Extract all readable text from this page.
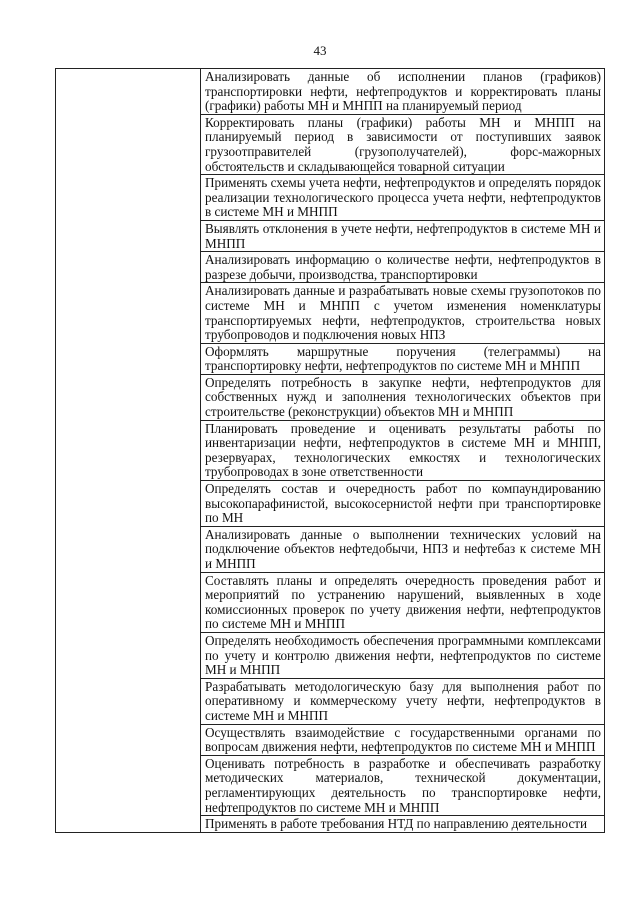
43
	Анализировать данные об исполнении планов (графиков) транспортировки нефти, нефтепродуктов и корректировать планы (графики) работы МН и МНПП на планируемый период
Корректировать планы (графики) работы МН и МНПП на планируемый период в зависимости от поступивших заявок грузоотправителей (грузополучателей), форс-мажорных обстоятельств и складывающейся товарной ситуации
Применять схемы учета нефти, нефтепродуктов и определять порядок реализации технологического процесса учета нефти, нефтепродуктов в системе МН и МНПП
Выявлять отклонения в учете нефти, нефтепродуктов в системе МН и МНПП
Анализировать информацию о количестве нефти, нефтепродуктов в разрезе добычи, производства, транспортировки
Анализировать данные и разрабатывать новые схемы грузопотоков по системе МН и МНПП с учетом изменения номенклатуры транспортируемых нефти, нефтепродуктов, строительства новых трубопроводов и подключения новых НПЗ
Оформлять маршрутные поручения (телеграммы) на транспортировку нефти, нефтепродуктов по системе МН и МНПП
Определять потребность в закупке нефти, нефтепродуктов для собственных нужд и заполнения технологических объектов при строительстве (реконструкции) объектов МН и МНПП
Планировать проведение и оценивать результаты работы по инвентаризации нефти, нефтепродуктов в системе МН и МНПП, резервуарах, технологических емкостях и технологических трубопроводах в зоне ответственности
Определять состав и очередность работ по компаундированию высокопарафинистой, высокосернистой нефти при транспортировке по МН
Анализировать данные о выполнении технических условий на подключение объектов нефтедобычи, НПЗ и нефтебаз к системе МН и МНПП
Составлять планы и определять очередность проведения работ и мероприятий по устранению нарушений, выявленных в ходе комиссионных проверок по учету движения нефти, нефтепродуктов по системе МН и МНПП
Определять необходимость обеспечения программными комплексами по учету и контролю движения нефти, нефтепродуктов по системе МН и МНПП
Разрабатывать методологическую базу для выполнения работ по оперативному и коммерческому учету нефти, нефтепродуктов в системе МН и МНПП
Осуществлять взаимодействие с государственными органами по вопросам движения нефти, нефтепродуктов по системе МН и МНПП
Оценивать потребность в разработке и обеспечивать разработку методических материалов, технической документации, регламентирующих деятельность по транспортировке нефти, нефтепродуктов по системе МН и МНПП
Применять в работе требования НТД по направлению деятельности
